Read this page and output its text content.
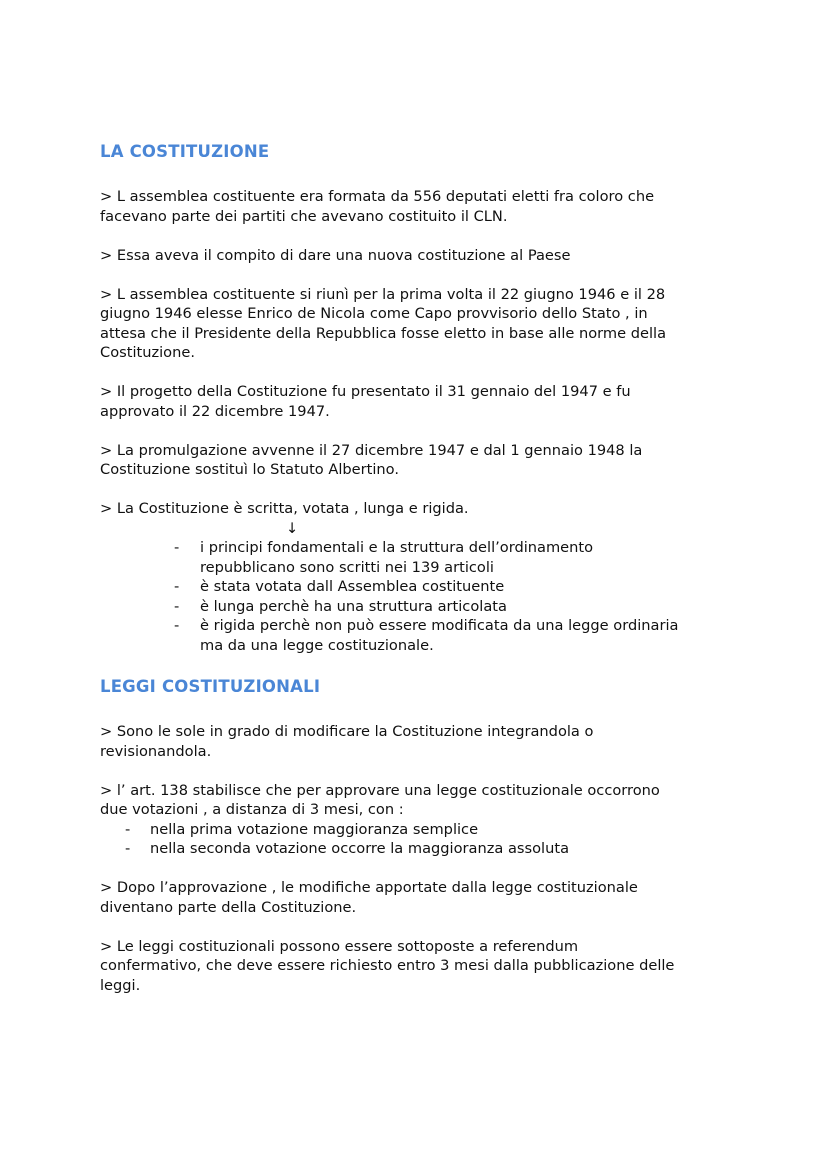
LA COSTITUZIONE

> L assemblea costituente era formata da 556 deputati eletti fra coloro che
facevano parte dei partiti che avevano costituito il CLN.

> Essa aveva il compito di dare una nuova costituzione al Paese

> L assemblea costituente si riunì per la prima volta il 22 giugno 1946 e il 28
giugno 1946 elesse Enrico de Nicola come Capo provvisorio dello Stato , in
attesa che il Presidente della Repubblica fosse eletto in base alle norme della
Costituzione.

> Il progetto della Costituzione fu presentato il 31 gennaio del 1947 e fu
approvato il 22 dicembre 1947.

> La promulgazione avvenne il 27 dicembre 1947 e dal 1 gennaio 1948 la
Costituzione sostituì lo Statuto Albertino.

> La Costituzione è scritta, votata , lunga e rigida.

↓
- i principi fondamentali e la struttura dell’ordinamento
repubblicano sono scritti nei 139 articoli
- è stata votata dall Assemblea costituente
- è lunga perchè ha una struttura articolata
- è rigida perchè non può essere modificata da una legge ordinaria
ma da una legge costituzionale.
LEGGI COSTITUZIONALI

> Sono le sole in grado di modificare la Costituzione integrandola o
revisionandola.

> l’ art. 138 stabilisce che per approvare una legge costituzionale occorrono
due votazioni , a distanza di 3 mesi, con :

- nella prima votazione maggioranza semplice
- nella seconda votazione occorre la maggioranza assoluta

> Dopo l’approvazione , le modifiche apportate dalla legge costituzionale
diventano parte della Costituzione.

> Le leggi costituzionali possono essere sottoposte a referendum
confermativo, che deve essere richiesto entro 3 mesi dalla pubblicazione delle
leggi.
